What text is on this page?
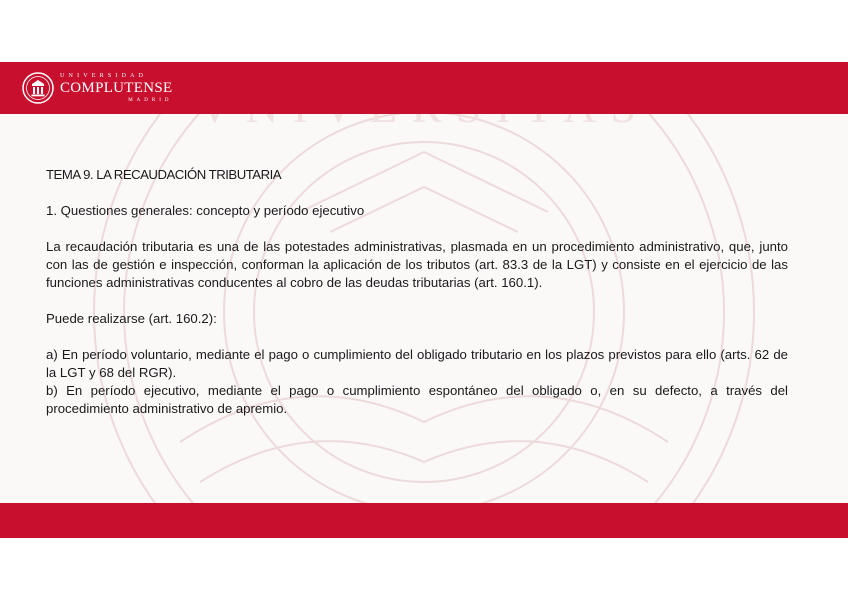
UNIVERSIDAD
COMPLUTENSE
MADRID

TEMA 9. LA RECAUDACIÓN TRIBUTARIA

1. Questiones generales: concepto y período ejecutivo

La recaudación tributaria es una de las potestades administrativas, plasmada en un procedimiento administrativo, que, junto con las de gestión e inspección, conforman la aplicación de los tributos (art. 83.3 de la LGT) y consiste en el ejercicio de las funciones administrativas conducentes al cobro de las deudas tributarias (art. 160.1).

Puede realizarse (art. 160.2):

a) En período voluntario, mediante el pago o cumplimiento del obligado tributario en los plazos previstos para ello (arts. 62 de la LGT y 68 del RGR).

b) En período ejecutivo, mediante el pago o cumplimiento espontáneo del obligado o, en su defecto, a través del procedimiento administrativo de apremio.
